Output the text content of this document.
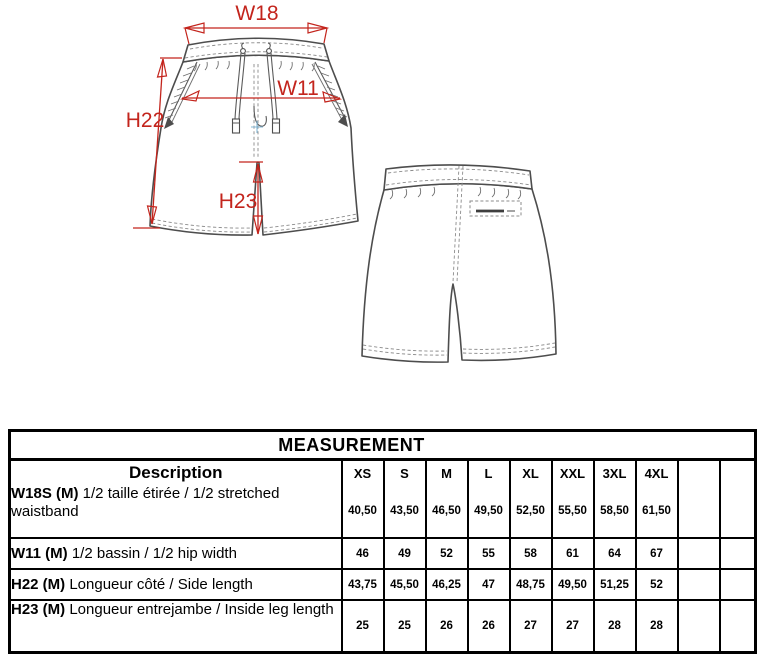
W18
H22
W11
H23
MEASUREMENT										
Description	XS	S	M	L	XL	XXL	3XL	4XL		
W18S (M) 1/2 taille étirée / 1/2 stretched waistband	40,50	43,50	46,50	49,50	52,50	55,50	58,50	61,50		
W11 (M) 1/2 bassin / 1/2 hip width	46	49	52	55	58	61	64	67		
H22 (M) Longueur côté / Side length	43,75	45,50	46,25	47	48,75	49,50	51,25	52		
H23 (M) Longueur entrejambe / Inside leg length	25	25	26	26	27	27	28	28		
